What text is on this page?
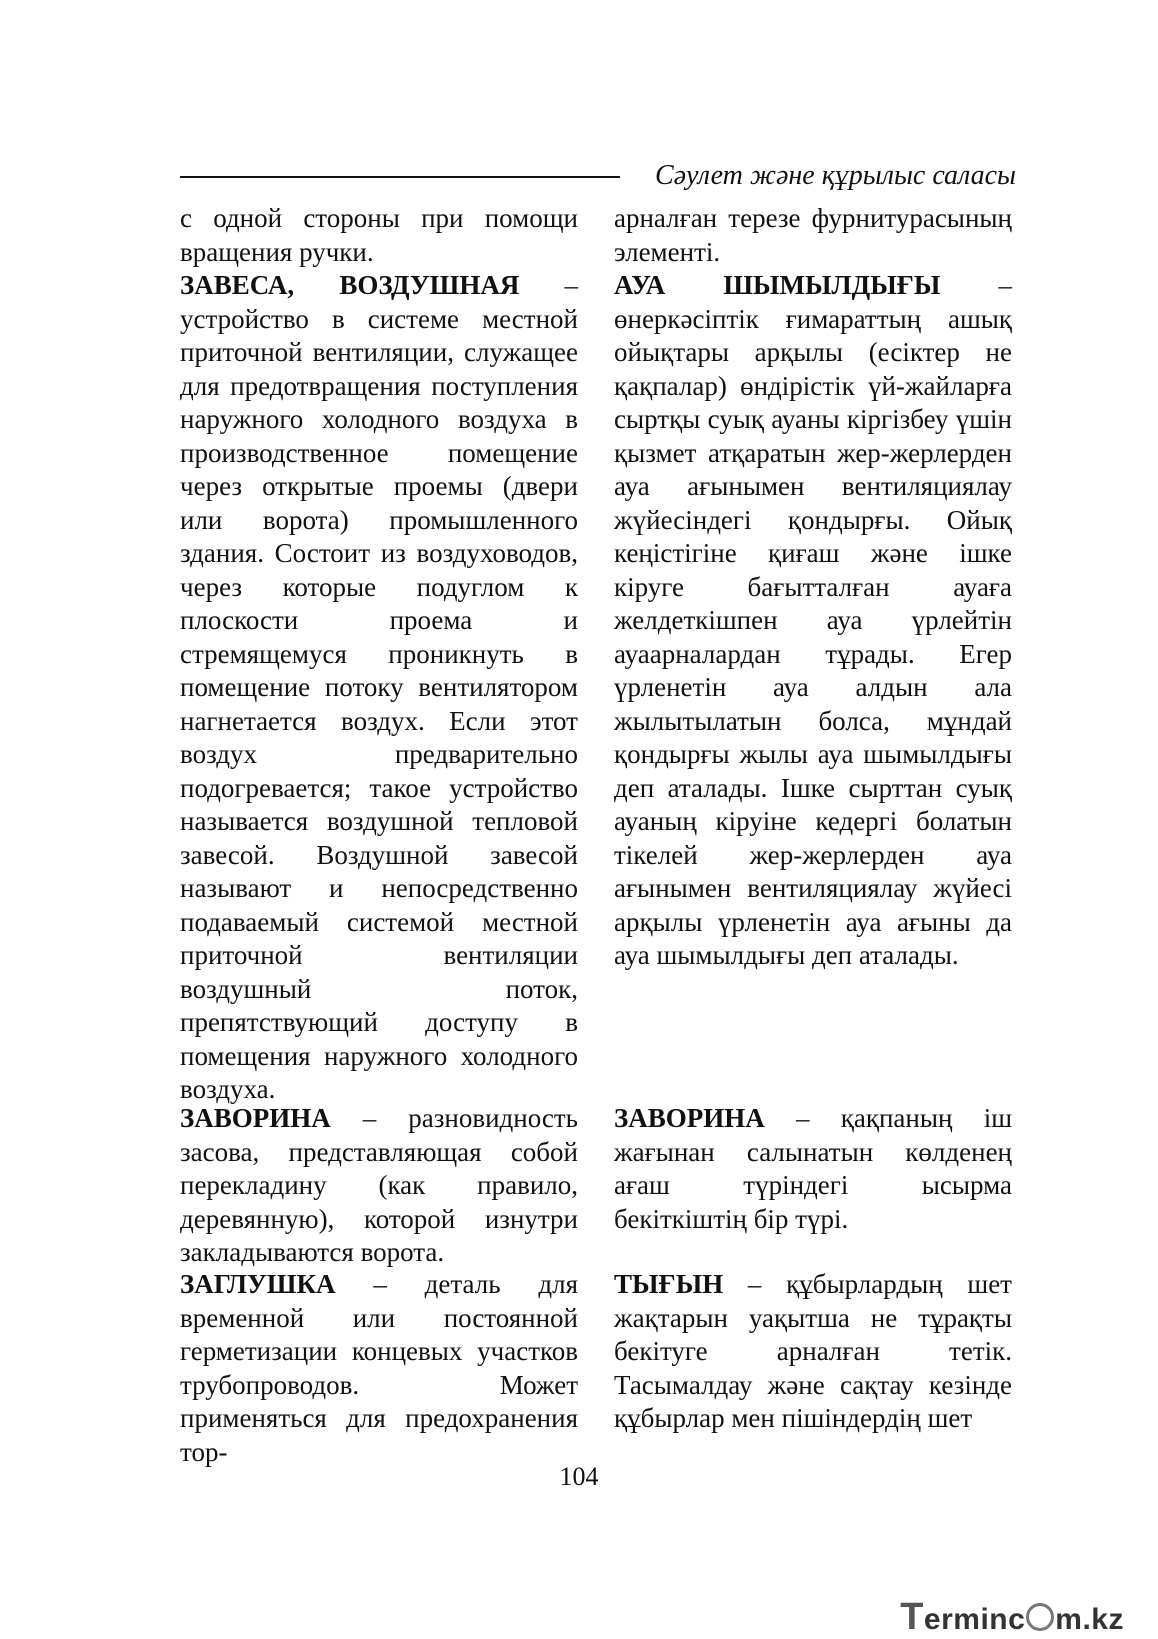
Сәулет және құрылыс саласы

с одной стороны при помощи вращения ручки.

ЗАВЕСА, ВОЗДУШНАЯ – устройство в системе местной приточной вентиляции, служащее для предотвращения поступления наружного холодного воздуха в производственное помещение через открытые проемы (двери или ворота) промышленного здания. Состоит из воздуховодов, через которые подуглом к плоскости проема и стремящемуся проникнуть в помещение потоку вентилятором нагнетается воздух. Если этот воздух предварительно подогревается; такое устройство называется воздушной тепловой завесой. Воздушной завесой называют и непосредственно подаваемый системой местной приточной вентиляции воздушный поток, препятствующий доступу в помещения наружного холодного воздуха.

ЗАВОРИНА – разновидность засова, представляющая собой перекладину (как правило, деревянную), которой изнутри закладываются ворота.

ЗАГЛУШКА – деталь для временной или постоянной герметизации концевых участков трубопроводов. Может применяться для предохранения тор-

арналған терезе фурнитурасының элементі.

АУА ШЫМЫЛДЫҒЫ – өнеркәсіптік ғимараттың ашық ойықтары арқылы (есіктер не қақпалар) өндірістік үй-жайларға сыртқы суық ауаны кіргізбеу үшін қызмет атқаратын жер-жерлерден ауа ағынымен вентиляциялау жүйесіндегі қондырғы. Ойық кеңістігіне қиғаш және ішке кіруге бағытталған ауаға желдеткішпен ауа үрлейтін ауаарналардан тұрады. Егер үрленетін ауа алдын ала жылытылатын болса, мұндай қондырғы жылы ауа шымылдығы деп аталады. Ішке сырттан суық ауаның кіруіне кедергі болатын тікелей жер-жерлерден ауа ағынымен вентиляциялау жүйесі арқылы үрленетін ауа ағыны да ауа шымылдығы деп аталады.

ЗАВОРИНА – қақпаның іш жағынан салынатын көлденең ағаш түріндегі ысырма бекіткіштің бір түрі.

ТЫҒЫН – құбырлардың шет жақтарын уақытша не тұрақты бекітуге арналған тетік. Тасымалдау және сақтау кезінде құбырлар мен пішіндердің шет

104
Terminc m.kz
